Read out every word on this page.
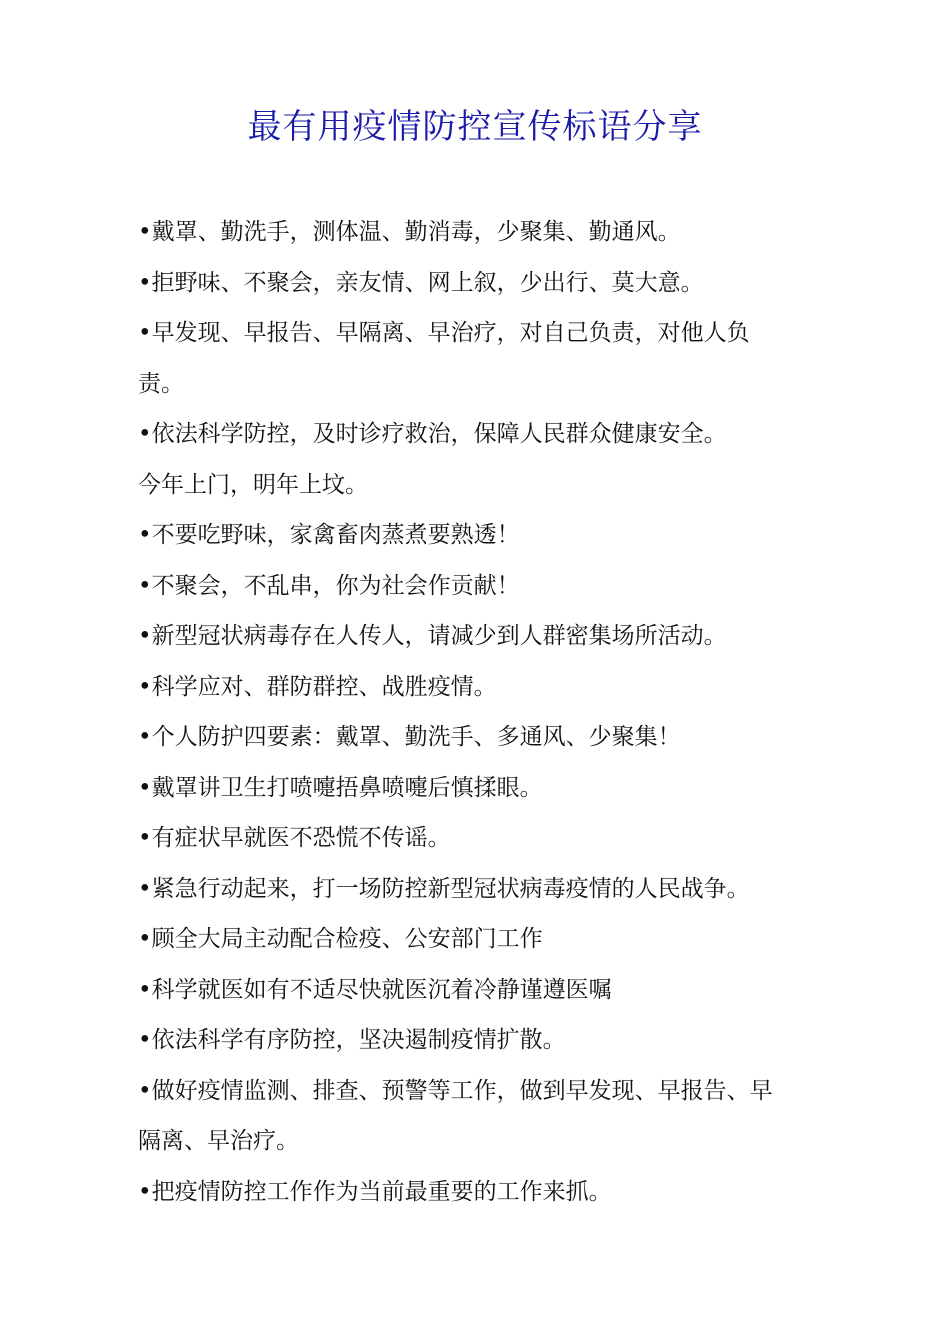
最有用疫情防控宣传标语分享
•戴罩、勤洗手，测体温、勤消毒，少聚集、勤通风。
•拒野味、不聚会，亲友情、网上叙，少出行、莫大意。
•早发现、早报告、早隔离、早治疗，对自己负责，对他人负
责。
•依法科学防控，及时诊疗救治，保障人民群众健康安全。
今年上门，明年上坟。
•不要吃野味，家禽畜肉蒸煮要熟透！
•不聚会，不乱串，你为社会作贡献！
•新型冠状病毒存在人传人，请减少到人群密集场所活动。
•科学应对、群防群控、战胜疫情。
•个人防护四要素：戴罩、勤洗手、多通风、少聚集！
•戴罩讲卫生打喷嚏捂鼻喷嚏后慎揉眼。
•有症状早就医不恐慌不传谣。
•紧急行动起来，打一场防控新型冠状病毒疫情的人民战争。
•顾全大局主动配合检疫、公安部门工作
•科学就医如有不适尽快就医沉着冷静谨遵医嘱
•依法科学有序防控，坚决遏制疫情扩散。
•做好疫情监测、排查、预警等工作，做到早发现、早报告、早
隔离、早治疗。
•把疫情防控工作作为当前最重要的工作来抓。
